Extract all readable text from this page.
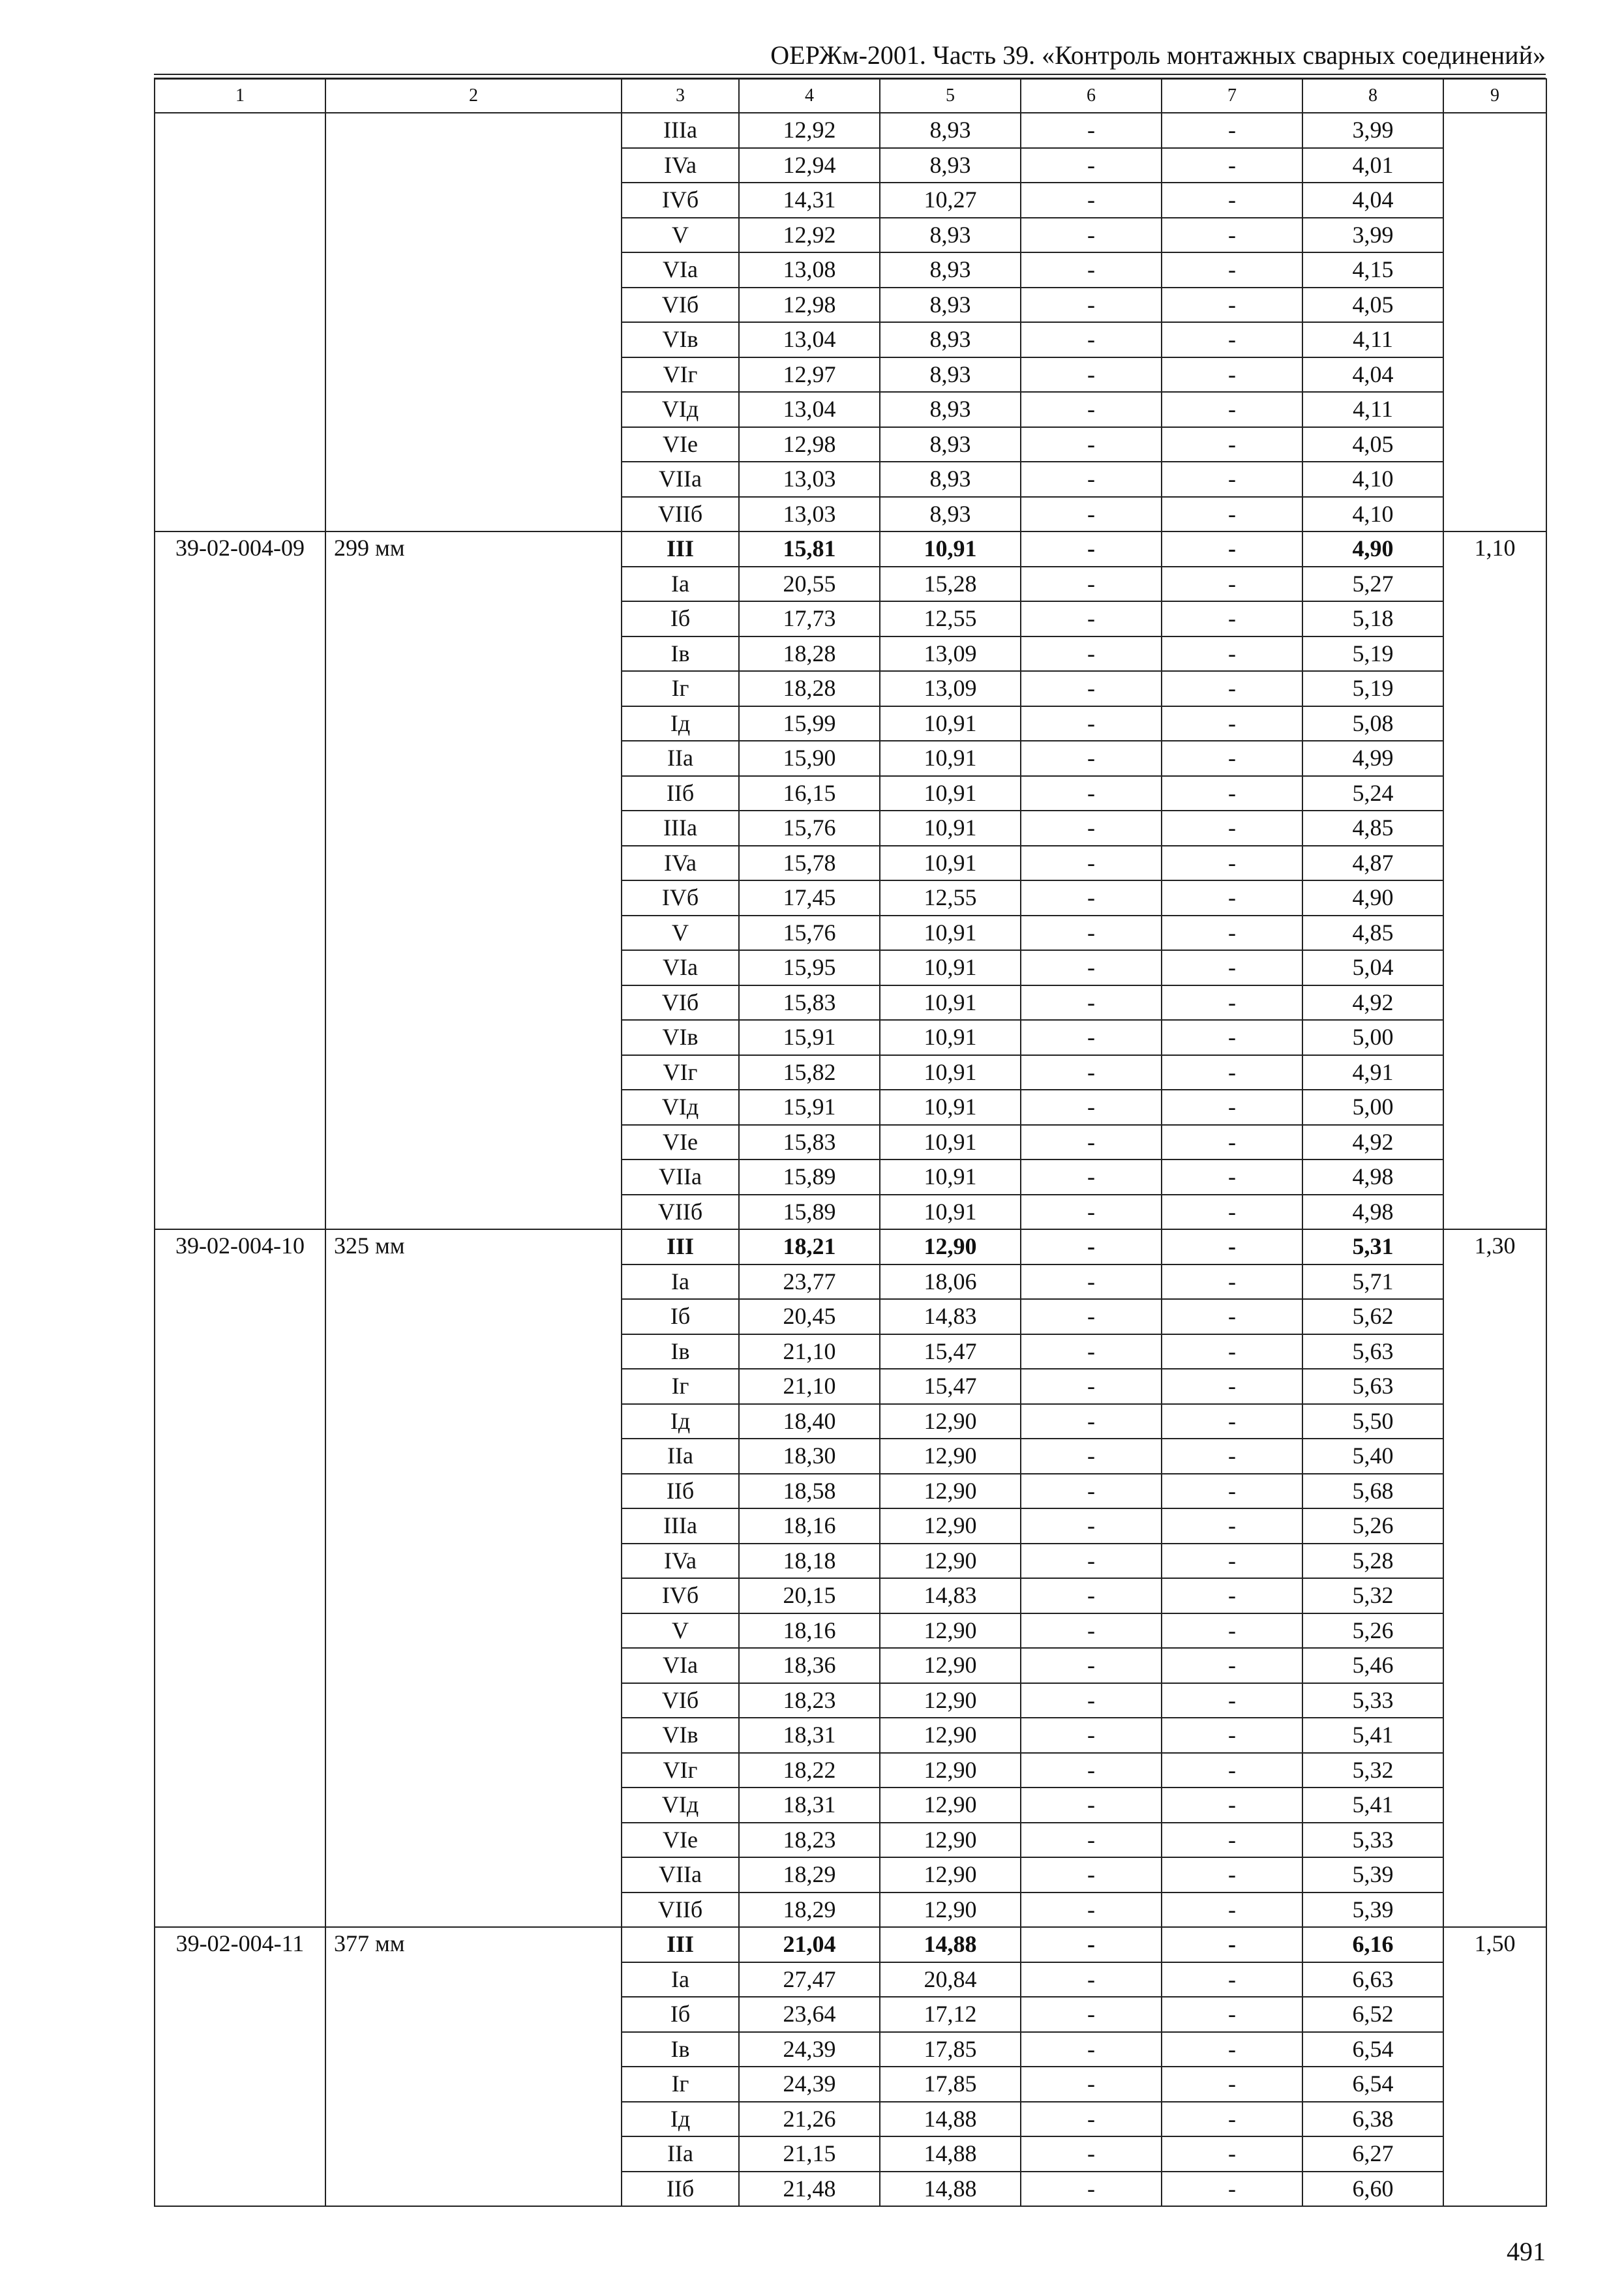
ОЕРЖм-2001. Часть 39. «Контроль монтажных сварных соединений»
1	2	3	4	5	6	7	8	9
		IIIa	12,92	8,93	-	-	3,99	
		IVa	12,94	8,93	-	-	4,01	
		IVб	14,31	10,27	-	-	4,04	
		V	12,92	8,93	-	-	3,99	
		VIa	13,08	8,93	-	-	4,15	
		VIб	12,98	8,93	-	-	4,05	
		VIв	13,04	8,93	-	-	4,11	
		VIг	12,97	8,93	-	-	4,04	
		VIд	13,04	8,93	-	-	4,11	
		VIe	12,98	8,93	-	-	4,05	
		VIIa	13,03	8,93	-	-	4,10	
		VIIб	13,03	8,93	-	-	4,10	
39-02-004-09	299 мм	III	15,81	10,91	-	-	4,90	1,10
		Ia	20,55	15,28	-	-	5,27	
		Iб	17,73	12,55	-	-	5,18	
		Iв	18,28	13,09	-	-	5,19	
		Iг	18,28	13,09	-	-	5,19	
		Iд	15,99	10,91	-	-	5,08	
		IIa	15,90	10,91	-	-	4,99	
		IIб	16,15	10,91	-	-	5,24	
		IIIa	15,76	10,91	-	-	4,85	
		IVa	15,78	10,91	-	-	4,87	
		IVб	17,45	12,55	-	-	4,90	
		V	15,76	10,91	-	-	4,85	
		VIa	15,95	10,91	-	-	5,04	
		VIб	15,83	10,91	-	-	4,92	
		VIв	15,91	10,91	-	-	5,00	
		VIг	15,82	10,91	-	-	4,91	
		VIд	15,91	10,91	-	-	5,00	
		VIe	15,83	10,91	-	-	4,92	
		VIIa	15,89	10,91	-	-	4,98	
		VIIб	15,89	10,91	-	-	4,98	
39-02-004-10	325 мм	III	18,21	12,90	-	-	5,31	1,30
		Ia	23,77	18,06	-	-	5,71	
		Iб	20,45	14,83	-	-	5,62	
		Iв	21,10	15,47	-	-	5,63	
		Iг	21,10	15,47	-	-	5,63	
		Iд	18,40	12,90	-	-	5,50	
		IIa	18,30	12,90	-	-	5,40	
		IIб	18,58	12,90	-	-	5,68	
		IIIa	18,16	12,90	-	-	5,26	
		IVa	18,18	12,90	-	-	5,28	
		IVб	20,15	14,83	-	-	5,32	
		V	18,16	12,90	-	-	5,26	
		VIa	18,36	12,90	-	-	5,46	
		VIб	18,23	12,90	-	-	5,33	
		VIв	18,31	12,90	-	-	5,41	
		VIг	18,22	12,90	-	-	5,32	
		VIд	18,31	12,90	-	-	5,41	
		VIe	18,23	12,90	-	-	5,33	
		VIIa	18,29	12,90	-	-	5,39	
		VIIб	18,29	12,90	-	-	5,39	
39-02-004-11	377 мм	III	21,04	14,88	-	-	6,16	1,50
		Ia	27,47	20,84	-	-	6,63	
		Iб	23,64	17,12	-	-	6,52	
		Iв	24,39	17,85	-	-	6,54	
		Iг	24,39	17,85	-	-	6,54	
		Iд	21,26	14,88	-	-	6,38	
		IIa	21,15	14,88	-	-	6,27	
		IIб	21,48	14,88	-	-	6,60	
491
